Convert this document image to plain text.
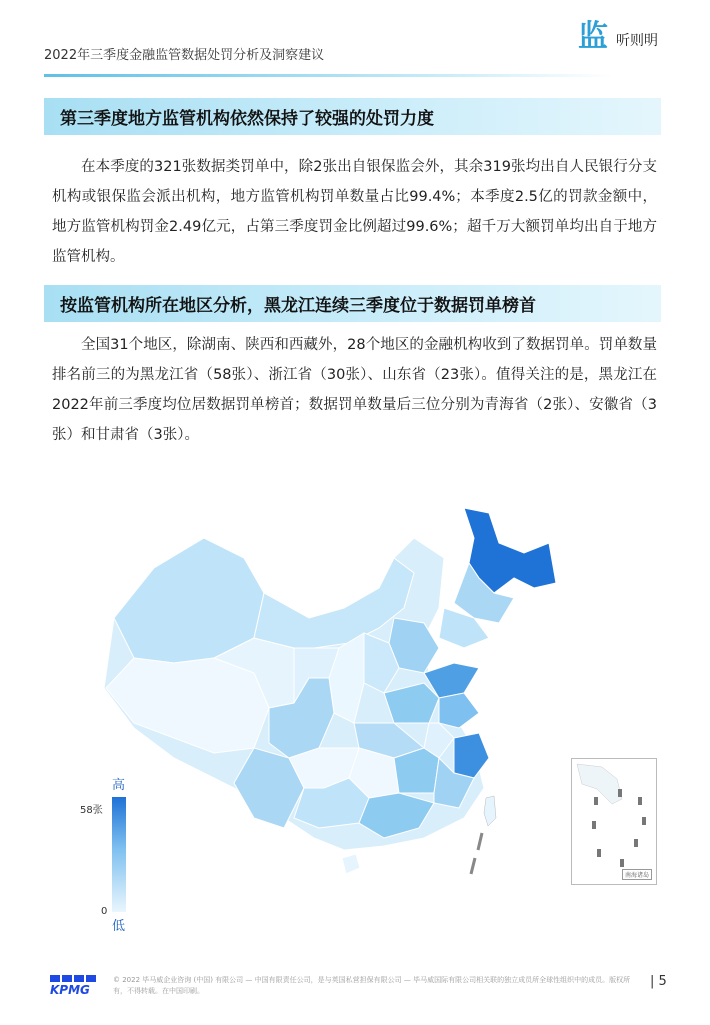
2022年三季度金融监管数据处罚分析及洞察建议
监 听则明
第三季度地方监管机构依然保持了较强的处罚力度

在本季度的321张数据类罚单中，除2张出自银保监会外，其余319张均出自人民银行分支机构或银保监会派出机构，地方监管机构罚单数量占比99.4%；本季度2.5亿的罚款金额中，地方监管机构罚金2.49亿元，占第三季度罚金比例超过99.6%；超千万大额罚单均出自于地方监管机构。

按监管机构所在地区分析，黑龙江连续三季度位于数据罚单榜首

全国31个地区，除湖南、陕西和西藏外，28个地区的金融机构收到了数据罚单。罚单数量排名前三的为黑龙江省（58张）、浙江省（30张）、山东省（23张）。值得关注的是，黑龙江在2022年前三季度均位居数据罚单榜首；数据罚单数量后三位分别为青海省（2张）、安徽省（3张）和甘肃省（3张）。

南海诸岛
高
58张
0
低
KPMG
© 2022 毕马威企业咨询 (中国) 有限公司 — 中国有限责任公司，是与英国私营担保有限公司 — 毕马威国际有限公司相关联的独立成员所全球性组织中的成员。版权所有，不得转载。在中国印刷。
| 5
